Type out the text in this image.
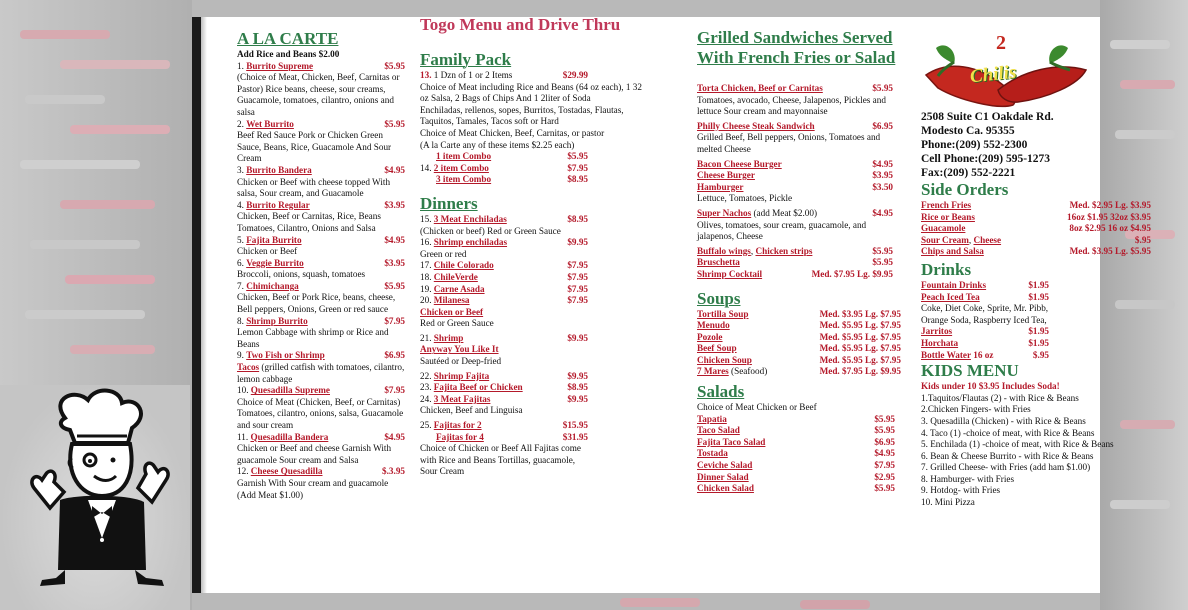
A LA CARTE
Add Rice and Beans $2.00
1. Burrito Supreme	$5.95
(Choice of Meat, Chicken, Beef, Carnitas or Pastor) Rice beans, cheese, sour creams, Guacamole, tomatoes, cilantro, onions and salsa
2. Wet Burrito	$5.95
Beef Red Sauce Pork or Chicken Green Sauce, Beans, Rice, Guacamole And Sour Cream
3. Burrito Bandera	$4.95
Chicken or Beef with cheese topped With salsa, Sour cream, and Guacamole
4. Burrito Regular	$3.95
Chicken, Beef or Carnitas, Rice, Beans Tomatoes, Cilantro, Onions and Salsa
5. Fajita Burrito	$4.95
Chicken or Beef
6. Veggie Burrito	$3.95
Broccoli, onions, squash, tomatoes
7. Chimichanga	$5.95
Chicken, Beef or Pork Rice, beans, cheese, Bell peppers, Onions, Green or red sauce
8. Shrimp Burrito	$7.95
Lemon Cabbage with shrimp or Rice and Beans
9. Two Fish or Shrimp	$6.95
Tacos (grilled catfish with tomatoes, cilantro, lemon cabbage
10. Quesadilla Supreme	$7.95
Choice of Meat (Chicken, Beef, or Carnitas) Tomatoes, cilantro, onions, salsa, Guacamole and sour cream
11. Quesadilla Bandera	$4.95
Chicken or Beef and cheese Garnish With guacamole Sour cream and Salsa
12. Cheese Quesadilla	$.3.95
Garnish With Sour cream and guacamole (Add Meat $1.00)
Togo Menu and Drive Thru
Family Pack
13. 1 Dzn of 1 or 2 Items	$29.99
Choice of Meat including Rice and Beans (64 oz each), 1 32 oz Salsa, 2 Bags of Chips And 1 2liter of Soda
Enchiladas, rellenos, sopes, Burritos, Tostadas, Flautas, Taquitos, Tamales, Tacos soft or Hard
Choice of Meat Chicken, Beef, Carnitas, or pastor
(A la Carte any of these items $2.25 each)
1 item Combo	$5.95
14. 2 item Combo	$7.95
3 item Combo	$8.95
Dinners
15. 3 Meat Enchiladas	$8.95
(Chicken or beef) Red or Green Sauce
16. Shrimp enchiladas	$9.95
Green or red
17. Chile Colorado	$7.95
18. ChileVerde	$7.95
19. Carne Asada	$7.95
20. Milanesa	$7.95
Chicken or Beef
Red or Green Sauce
21. Shrimp	$9.95
Anyway You Like It
Sautéed or Deep-fried
22. Shrimp Fajita	$9.95
23. Fajita Beef or Chicken	$8.95
24. 3 Meat Fajitas	$9.95
Chicken, Beef and Linguisa
25. Fajitas for 2	$15.95
Fajitas for 4	$31.95
Choice of Chicken or Beef All Fajitas come with Rice and Beans Tortillas, guacamole, Sour Cream
Grilled Sandwiches Served
With French Fries or Salad
Torta Chicken, Beef or Carnitas	$5.95
Tomatoes, avocado, Cheese, Jalapenos, Pickles and lettuce Sour cream and mayonnaise
Philly Cheese Steak Sandwich	$6.95
Grilled Beef, Bell peppers, Onions, Tomatoes and melted Cheese
Bacon Cheese Burger	$4.95
Cheese Burger	$3.95
Hamburger	$3.50
Lettuce, Tomatoes, Pickle
Super Nachos (add Meat $2.00)	$4.95
Olives, tomatoes, sour cream, guacamole, and jalapenos, Cheese
Buffalo wings, Chicken strips	$5.95
Bruschetta	$5.95
Shrimp Cocktail	Med. $7.95 Lg. $9.95
Soups
Tortilla Soup	Med. $3.95 Lg. $7.95
Menudo	Med. $5.95 Lg. $7.95
Pozole	Med. $5.95 Lg. $7.95
Beef Soup	Med. $5.95 Lg. $7.95
Chicken Soup	Med. $5.95 Lg. $7.95
7 Mares (Seafood)	Med. $7.95 Lg. $9.95
Salads
Choice of Meat Chicken or Beef
Tapatia	$5.95
Taco Salad	$5.95
Fajita Taco Salad	$6.95
Tostada	$4.95
Ceviche Salad	$7.95
Dinner Salad	$2.95
Chicken Salad	$5.95
2
Chilis
2508 Suite C1 Oakdale Rd.
Modesto Ca. 95355
Phone:(209) 552-2300
Cell Phone:(209) 595-1273
Fax:(209) 552-2221
Side Orders
French Fries	Med. $2.95 Lg. $3.95
Rice or Beans	16oz $1.95 32oz $3.95
Guacamole	8oz $2.95 16 oz $4.95
Sour Cream, Cheese	$.95
Chips and Salsa	Med. $3.95 Lg. $5.95
Drinks
Fountain Drinks	$1.95
Peach Iced Tea	$1.95
Coke, Diet Coke, Sprite, Mr. Pibb, Orange Soda, Raspberry Iced Tea,
Jarritos	$1.95
Horchata	$1.95
Bottle Water 16 oz	$.95
KIDS MENU
Kids under 10 $3.95 Includes Soda!
1.Taquitos/Flautas (2) - with Rice & Beans
2.Chicken Fingers- with Fries
3. Quesadilla (Chicken) - with Rice & Beans
4. Taco (1) -choice of meat, with Rice & Beans
5. Enchilada (1) -choice of meat, with Rice & Beans
6. Bean & Cheese Burrito - with Rice & Beans
7. Grilled Cheese- with Fries (add ham $1.00)
8. Hamburger- with Fries
9. Hotdog- with Fries
10. Mini Pizza
